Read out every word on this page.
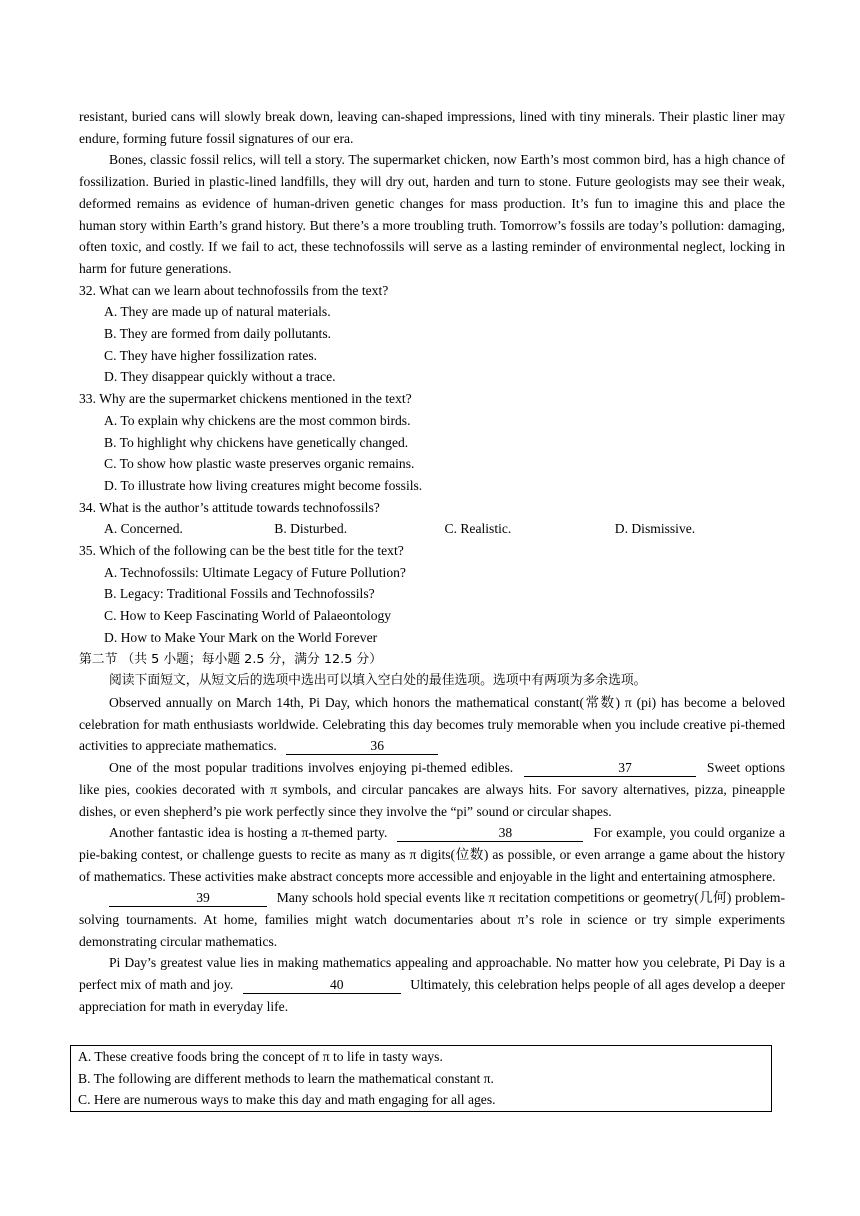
resistant, buried cans will slowly break down, leaving can-shaped impressions, lined with tiny minerals. Their plastic liner may endure, forming future fossil signatures of our era.

Bones, classic fossil relics, will tell a story. The supermarket chicken, now Earth’s most common bird, has a high chance of fossilization. Buried in plastic-lined landfills, they will dry out, harden and turn to stone. Future geologists may see their weak, deformed remains as evidence of human-driven genetic changes for mass production. It’s fun to imagine this and place the human story within Earth’s grand history. But there’s a more troubling truth. Tomorrow’s fossils are today’s pollution: damaging, often toxic, and costly. If we fail to act, these technofossils will serve as a lasting reminder of environmental neglect, locking in harm for future generations.

32. What can we learn about technofossils from the text?

A. They are made up of natural materials.

B. They are formed from daily pollutants.

C. They have higher fossilization rates.

D. They disappear quickly without a trace.

33. Why are the supermarket chickens mentioned in the text?

A. To explain why chickens are the most common birds.

B. To highlight why chickens have genetically changed.

C. To show how plastic waste preserves organic remains.

D. To illustrate how living creatures might become fossils.

34. What is the author’s attitude towards technofossils?

A. Concerned.	B. Disturbed.	C. Realistic.	D. Dismissive.

35. Which of the following can be the best title for the text?

A. Technofossils: Ultimate Legacy of Future Pollution?

B. Legacy: Traditional Fossils and Technofossils?

C. How to Keep Fascinating World of Palaeontology

D. How to Make Your Mark on the World Forever

第二节 （共 5 小题；每小题 2.5 分，满分 12.5 分）

阅读下面短文，从短文后的选项中选出可以填入空白处的最佳选项。选项中有两项为多余选项。

Observed annually on March 14th, Pi Day, which honors the mathematical constant(常数) π (pi) has become a beloved celebration for math enthusiasts worldwide. Celebrating this day becomes truly memorable when you include creative pi-themed activities to appreciate mathematics.	36

One of the most popular traditions involves enjoying pi-themed edibles.	37	Sweet options like pies, cookies decorated with π symbols, and circular pancakes are always hits. For savory alternatives, pizza, pineapple dishes, or even shepherd’s pie work perfectly since they involve the “pi” sound or circular shapes.

Another fantastic idea is hosting a π-themed party.	38	For example, you could organize a pie-baking contest, or challenge guests to recite as many as π digits(位数) as possible, or even arrange a game about the history of mathematics. These activities make abstract concepts more accessible and enjoyable in the light and entertaining atmosphere.

39	Many schools hold special events like π recitation competitions or geometry(几何) problem-solving tournaments. At home, families might watch documentaries about π’s role in science or try simple experiments demonstrating circular mathematics.

Pi Day’s greatest value lies in making mathematics appealing and approachable. No matter how you celebrate, Pi Day is a perfect mix of math and joy.	40	Ultimately, this celebration helps people of all ages develop a deeper appreciation for math in everyday life.

A. These creative foods bring the concept of π to life in tasty ways.

B. The following are different methods to learn the mathematical constant π.

C. Here are numerous ways to make this day and math engaging for all ages.
